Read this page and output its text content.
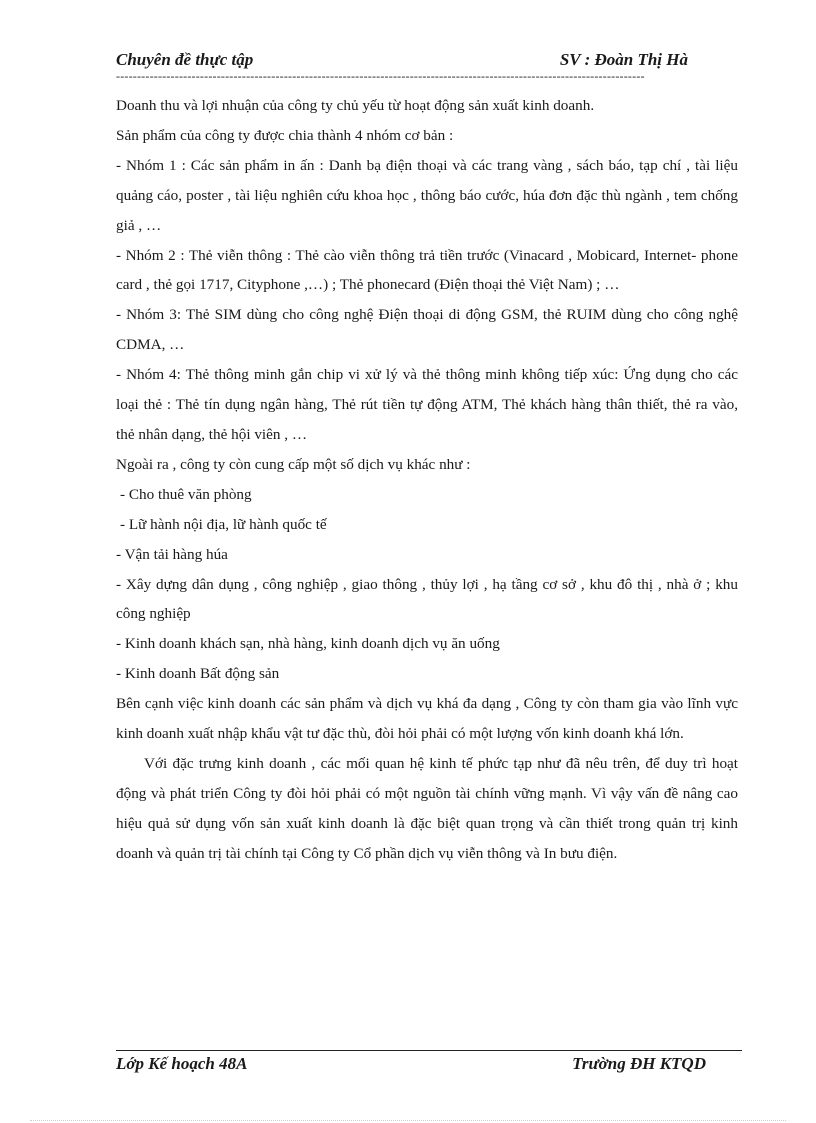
Chuyên đề thực tập	SV : Đoàn Thị Hà
------------------------------------------------------------------------------------------------------------------------------

Doanh thu và lợi nhuận của công ty chủ yếu từ hoạt động sản xuất kinh doanh.

Sản phẩm của công ty được chia thành 4 nhóm cơ bản :

- Nhóm 1 : Các sản phẩm in ấn : Danh bạ điện thoại và các trang vàng , sách báo, tạp chí , tài liệu quảng cáo, poster , tài liệu nghiên cứu khoa học , thông báo cước, húa đơn đặc thù ngành , tem chống giả , …

- Nhóm 2 : Thẻ viễn thông : Thẻ cào viễn thông trả tiền trước (Vinacard , Mobicard, Internet- phone card , thẻ gọi 1717, Cityphone ,…) ; Thẻ phonecard (Điện thoại thẻ Việt Nam) ; …

- Nhóm 3: Thẻ SIM dùng cho công nghệ Điện thoại di động GSM, thẻ RUIM dùng cho công nghệ CDMA, …

- Nhóm 4: Thẻ thông minh gắn chip vi xử lý và thẻ thông minh không tiếp xúc: Ứng dụng cho các loại thẻ : Thẻ tín dụng ngân hàng, Thẻ rút tiền tự động ATM, Thẻ khách hàng thân thiết, thẻ ra vào, thẻ nhân dạng, thẻ hội viên , …

Ngoài ra , công ty còn cung cấp một số dịch vụ khác như :

- Cho thuê văn phòng

- Lữ hành nội địa, lữ hành quốc tế

- Vận tải hàng húa

- Xây dựng dân dụng , công nghiệp , giao thông , thủy lợi , hạ tầng cơ sở , khu đô thị , nhà ở ; khu công nghiệp

- Kinh doanh khách sạn, nhà hàng, kinh doanh dịch vụ ăn uống

- Kinh doanh Bất động sản

Bên cạnh việc kinh doanh các sản phẩm và dịch vụ khá đa dạng , Công ty còn tham gia vào lĩnh vực kinh doanh xuất nhập khẩu vật tư đặc thù, đòi hỏi phải có một lượng vốn kinh doanh khá lớn.

Với đặc trưng kinh doanh , các mối quan hệ kinh tế phức tạp như đã nêu trên, để duy trì hoạt động và phát triển Công ty đòi hỏi phải có một nguồn tài chính vững mạnh. Vì vậy vấn đề nâng cao hiệu quả sử dụng vốn sản xuất kinh doanh là đặc biệt quan trọng và cần thiết trong quản trị kinh doanh và quản trị tài chính tại Công ty Cổ phần dịch vụ viễn thông và In bưu điện.

Lớp Kế hoạch 48A	Trường ĐH KTQD
